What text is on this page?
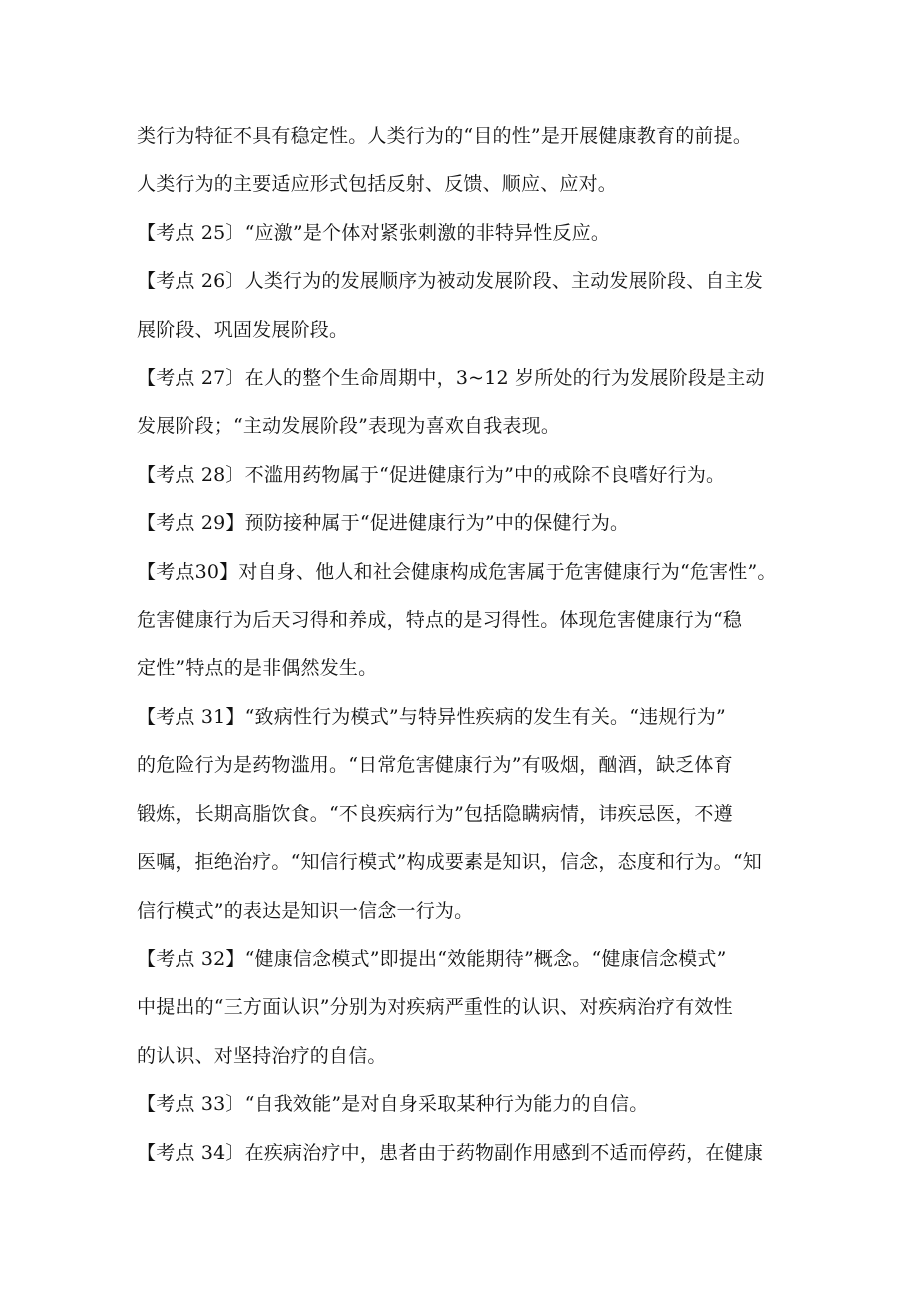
类行为特征不具有稳定性。人类行为的“目的性”是开展健康教育的前提。
人类行为的主要适应形式包括反射、反馈、顺应、应对。
【考点 25〕“应激”是个体对紧张刺激的非特异性反应。
【考点 26〕人类行为的发展顺序为被动发展阶段、主动发展阶段、自主发
展阶段、巩固发展阶段。
【考点 27〕在人的整个生命周期中，3~12 岁所处的行为发展阶段是主动
发展阶段；“主动发展阶段”表现为喜欢自我表现。
【考点 28〕不滥用药物属于“促进健康行为”中的戒除不良嗜好行为。
【考点 29】预防接种属于“促进健康行为”中的保健行为。
【考点30】对自身、他人和社会健康构成危害属于危害健康行为“危害性”。
危害健康行为后天习得和养成，特点的是习得性。体现危害健康行为“稳
定性”特点的是非偶然发生。
【考点 31】“致病性行为模式”与特异性疾病的发生有关。“违规行为”
的危险行为是药物滥用。“日常危害健康行为”有吸烟，酗酒，缺乏体育
锻炼，长期高脂饮食。“不良疾病行为”包括隐瞒病情，讳疾忌医，不遵
医嘱，拒绝治疗。“知信行模式”构成要素是知识，信念，态度和行为。“知
信行模式”的表达是知识一信念一行为。
【考点 32】“健康信念模式”即提出“效能期待”概念。“健康信念模式”
中提出的“三方面认识”分别为对疾病严重性的认识、对疾病治疗有效性
的认识、对坚持治疗的自信。
【考点 33〕“自我效能”是对自身采取某种行为能力的自信。
【考点 34〕在疾病治疗中，患者由于药物副作用感到不适而停药，在健康
